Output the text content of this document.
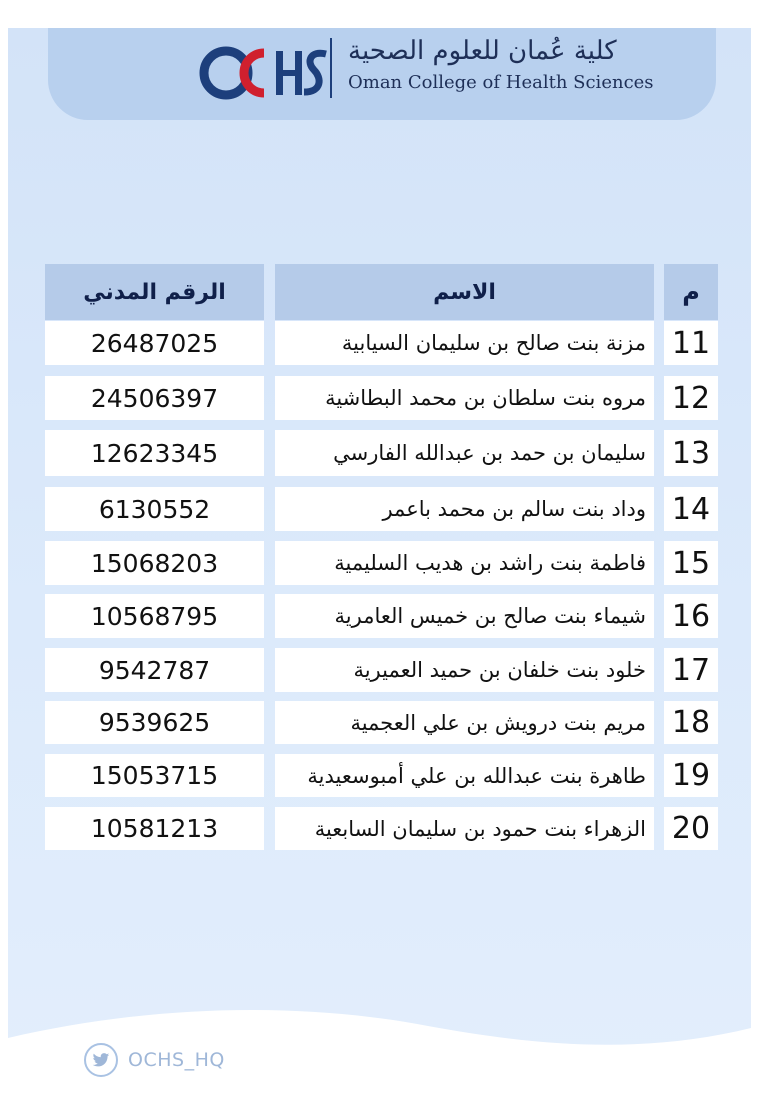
كلية عُمان للعلوم الصحية
Oman College of Health Sciences
الرقم المدني	الاسم	م
26487025	مزنة بنت صالح بن سليمان السيابية 11
24506397	مروه بنت سلطان بن محمد البطاشية 12
12623345	سليمان بن حمد بن عبدالله الفارسي 13
6130552	وداد بنت سالم بن محمد باعمر 14
15068203	فاطمة بنت راشد بن هديب السليمية 15
10568795	شيماء بنت صالح بن خميس العامرية 16
9542787	خلود بنت خلفان بن حميد العميرية 17
9539625	مريم بنت درويش بن علي العجمية 18
15053715	طاهرة بنت عبدالله بن علي أمبوسعيدية 19
10581213	الزهراء بنت حمود بن سليمان السابعية 20
OCHS_HQ
